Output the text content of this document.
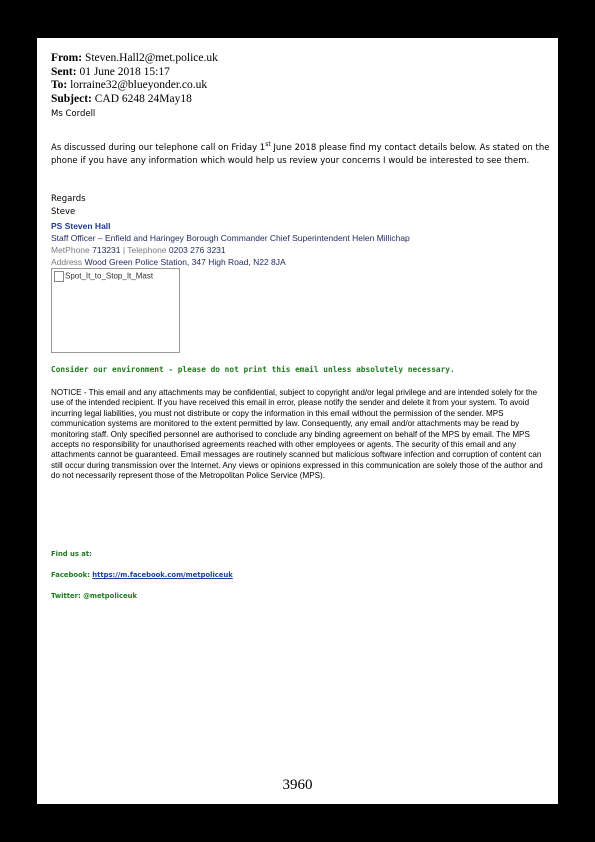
From: Steven.Hall2@met.police.uk
Sent: 01 June 2018 15:17
To: lorraine32@blueyonder.co.uk
Subject: CAD 6248 24May18
Ms Cordell
As discussed during our telephone call on Friday 1st June 2018 please find my contact details below. As stated on the phone if you have any information which would help us review your concerns I would be interested to see them.
Regards
Steve
PS Steven Hall
Staff Officer – Enfield and Haringey Borough Commander Chief Superintendent Helen Millichap
MetPhone 713231 | Telephone 0203 276 3231
Address Wood Green Police Station, 347 High Road, N22 8JA
Spot_It_to_Stop_It_Mast
Consider our environment - please do not print this email unless absolutely necessary.
NOTICE - This email and any attachments may be confidential, subject to copyright and/or legal privilege and are intended solely for the use of the intended recipient. If you have received this email in error, please notify the sender and delete it from your system. To avoid incurring legal liabilities, you must not distribute or copy the information in this email without the permission of the sender. MPS communication systems are monitored to the extent permitted by law. Consequently, any email and/or attachments may be read by monitoring staff. Only specified personnel are authorised to conclude any binding agreement on behalf of the MPS by email. The MPS accepts no responsibility for unauthorised agreements reached with other employees or agents. The security of this email and any attachments cannot be guaranteed. Email messages are routinely scanned but malicious software infection and corruption of content can still occur during transmission over the Internet. Any views or opinions expressed in this communication are solely those of the author and do not necessarily represent those of the Metropolitan Police Service (MPS).
Find us at:
Facebook: https://m.facebook.com/metpoliceuk
Twitter: @metpoliceuk
3960
